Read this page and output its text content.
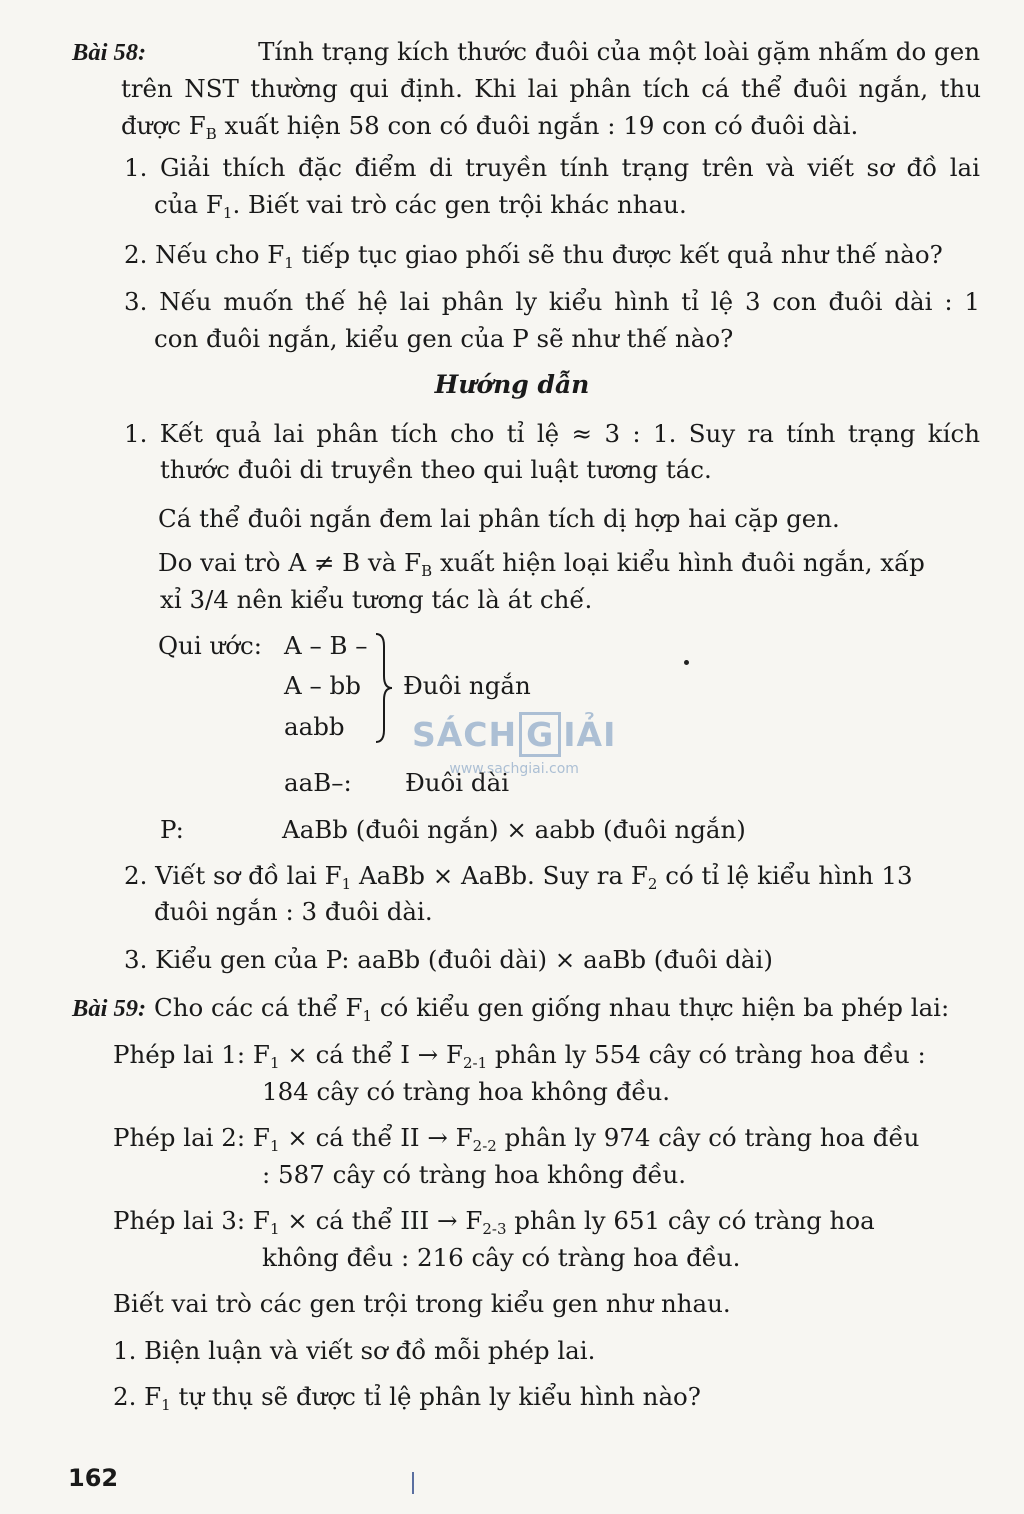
Bài 58:	Tính trạng kích thước đuôi của một loài gặm nhấm do gen
trên NST thường qui định. Khi lai phân tích cá thể đuôi ngắn, thu
được $F_B$ xuất hiện 58 con có đuôi ngắn : 19 con có đuôi dài.
1. Giải thích đặc điểm di truyền tính trạng trên và viết sơ đồ lai
của $F_1$. Biết vai trò các gen trội khác nhau.
2. Nếu cho $F_1$ tiếp tục giao phối sẽ thu được kết quả như thế nào?
3. Nếu muốn thế hệ lai phân ly kiểu hình tỉ lệ 3 con đuôi dài : 1
con đuôi ngắn, kiểu gen của P sẽ như thế nào?
Hướng dẫn
1. Kết quả lai phân tích cho tỉ lệ ≈ 3 : 1. Suy ra tính trạng kích
thước đuôi di truyền theo qui luật tương tác.
Cá thể đuôi ngắn đem lai phân tích dị hợp hai cặp gen.
Do vai trò A ≠ B và $F_B$ xuất hiện loại kiểu hình đuôi ngắn, xấp
xỉ 3/4 nên kiểu tương tác là át chế.
Qui ước: A – B –
A – bb
aabb
Đuôi ngắn
SÁCH G IẢI
www.sachgiai.com
aaB–: Đuôi dài
P:	AaBb (đuôi ngắn) × aabb (đuôi ngắn)
2. Viết sơ đồ lai $F_1$ AaBb × AaBb. Suy ra $F_2$ có tỉ lệ kiểu hình 13
đuôi ngắn : 3 đuôi dài.
3. Kiểu gen của P: aaBb (đuôi dài) × aaBb (đuôi dài)
Bài 59: Cho các cá thể $F_1$ có kiểu gen giống nhau thực hiện ba phép lai:
Phép lai 1: $F_1$ × cá thể $I \to F_{2-1}$ phân ly 554 cây có tràng hoa đều :
184 cây có tràng hoa không đều.
Phép lai 2: $F_1$ × cá thể II → $F_{2-2}$ phân ly 974 cây có tràng hoa đều
: 587 cây có tràng hoa không đều.
Phép lai 3: $F_1$ × cá thể III → $F_{2-3}$ phân ly 651 cây có tràng hoa
không đều : 216 cây có tràng hoa đều.
Biết vai trò các gen trội trong kiểu gen như nhau.
1. Biện luận và viết sơ đồ mỗi phép lai.
2. $F_1$ tự thụ sẽ được tỉ lệ phân ly kiểu hình nào?
162
